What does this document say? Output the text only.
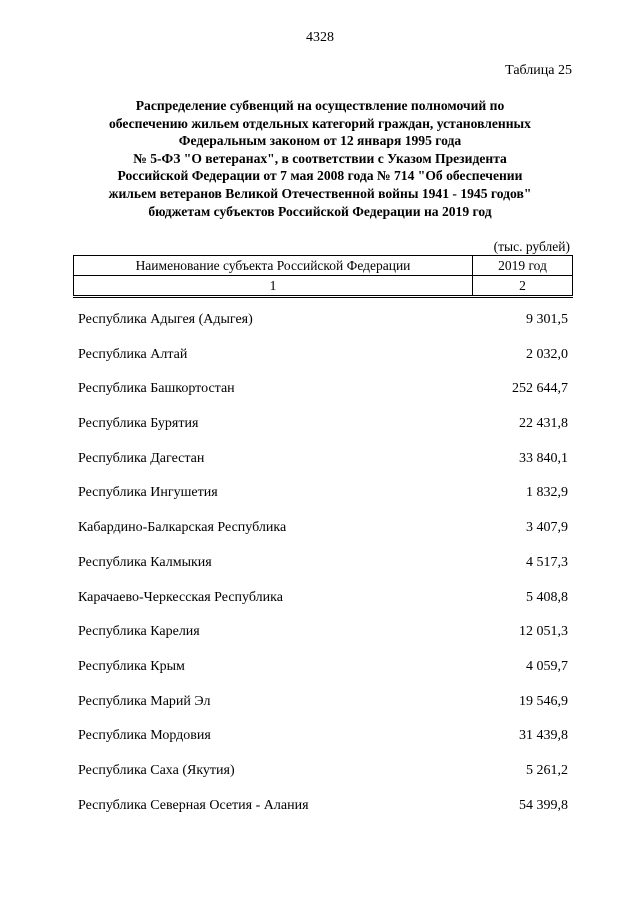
4328
Таблица 25
Распределение субвенций на осуществление полномочий по
обеспечению жильем отдельных категорий граждан, установленных
Федеральным законом от 12 января 1995 года
№ 5-ФЗ "О ветеранах", в соответствии с Указом Президента
Российской Федерации от 7 мая 2008 года № 714 "Об обеспечении
жильем ветеранов Великой Отечественной войны 1941 - 1945 годов"
бюджетам субъектов Российской Федерации на 2019 год
(тыс. рублей)
Наименование субъекта Российской Федерации	2019 год
1	2
Республика Адыгея (Адыгея)	9 301,5
Республика Алтай	2 032,0
Республика Башкортостан	252 644,7
Республика Бурятия	22 431,8
Республика Дагестан	33 840,1
Республика Ингушетия	1 832,9
Кабардино-Балкарская Республика	3 407,9
Республика Калмыкия	4 517,3
Карачаево-Черкесская Республика	5 408,8
Республика Карелия	12 051,3
Республика Крым	4 059,7
Республика Марий Эл	19 546,9
Республика Мордовия	31 439,8
Республика Саха (Якутия)	5 261,2
Республика Северная Осетия - Алания	54 399,8
